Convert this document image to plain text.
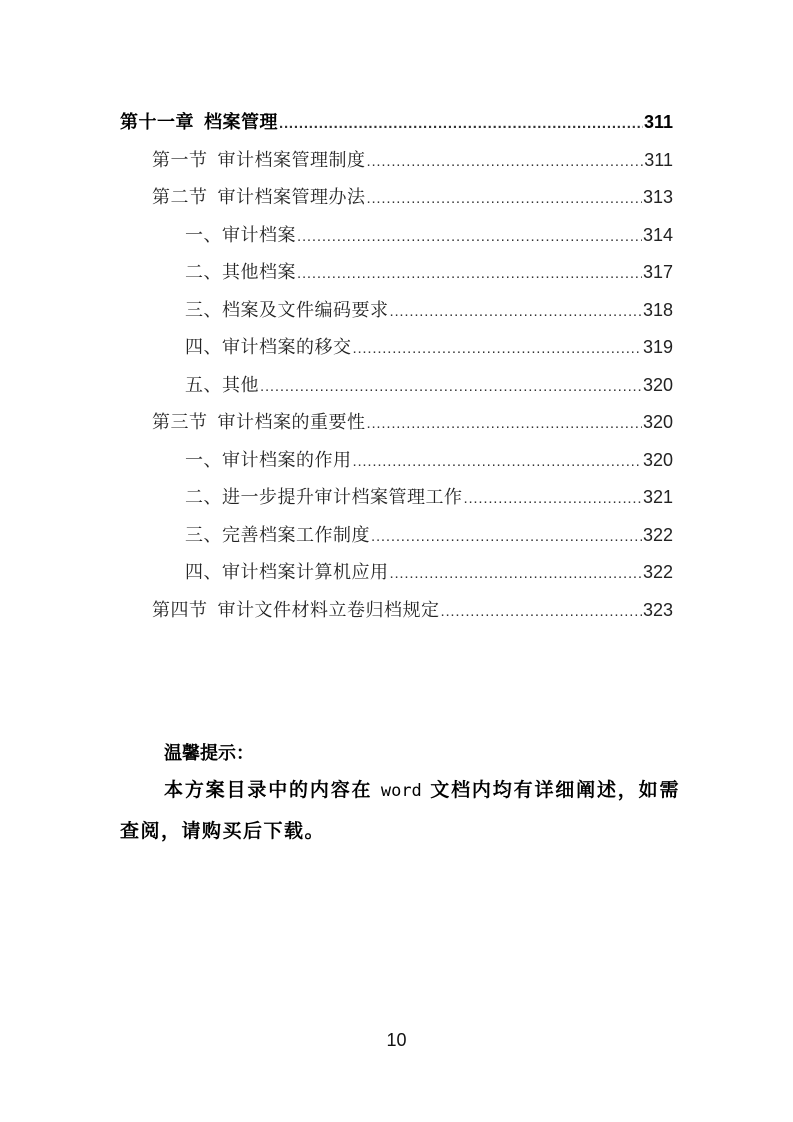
第十一章 档案管理 .....	311
第一节 审计档案管理制度 .....	311
第二节 审计档案管理办法 .....	313
一、审计档案 .....	314
二、其他档案 .....	317
三、档案及文件编码要求 .....	318
四、审计档案的移交 .....	319
五、其他 .....	320
第三节 审计档案的重要性 .....	320
一、审计档案的作用 .....	320
二、进一步提升审计档案管理工作 .....	321
三、完善档案工作制度 .....	322
四、审计档案计算机应用 .....	322
第四节 审计文件材料立卷归档规定 .....	323
温馨提示：
本方案目录中的内容在 word 文档内均有详细阐述，如需查阅，请购买后下载。
10
